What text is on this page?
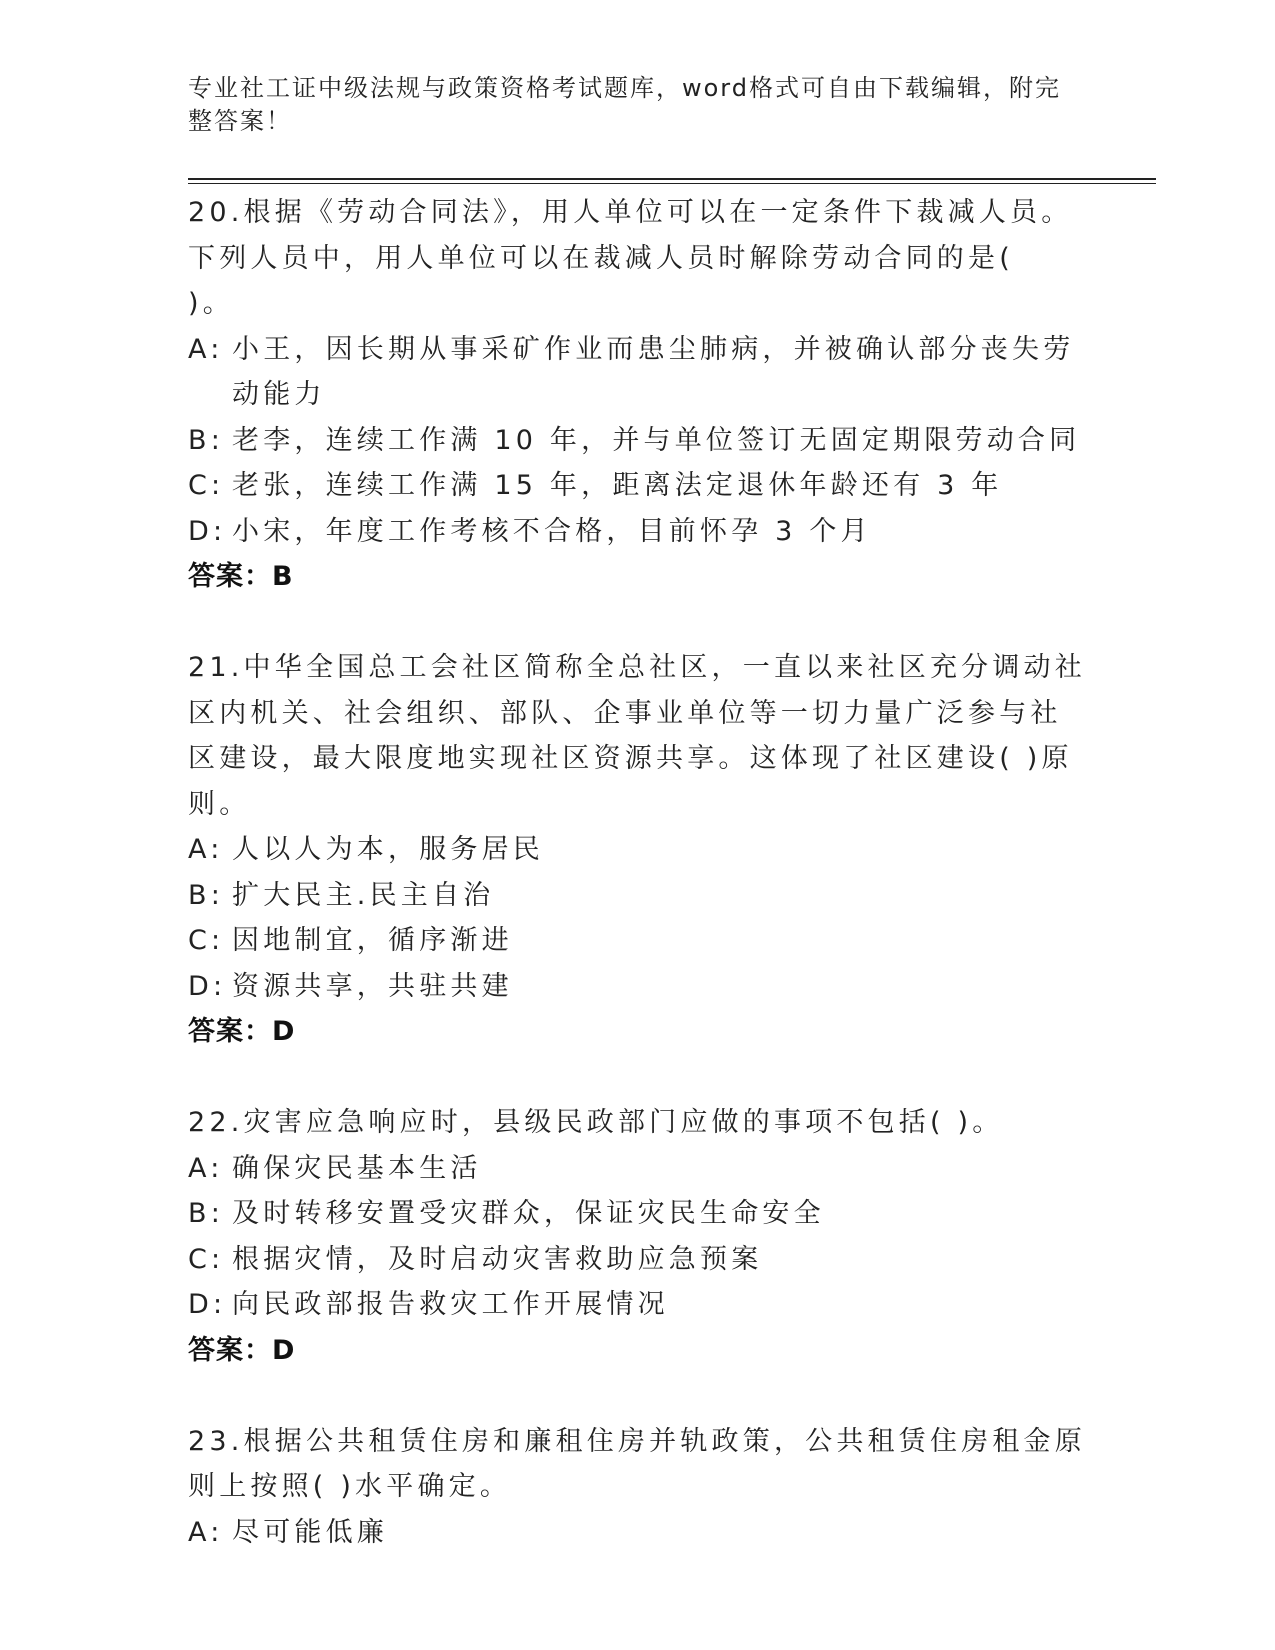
专业社工证中级法规与政策资格考试题库，word格式可自由下载编辑，附完整答案！
20.根据《劳动合同法》，用人单位可以在一定条件下裁减人员。下列人员中，用人单位可以在裁减人员时解除劳动合同的是(　 )。
A: 小王，因长期从事采矿作业而患尘肺病，并被确认部分丧失劳动能力
B: 老李，连续工作满 10 年，并与单位签订无固定期限劳动合同
C: 老张，连续工作满 15 年，距离法定退休年龄还有 3 年
D: 小宋，年度工作考核不合格，目前怀孕 3 个月
答案：B
21.中华全国总工会社区简称全总社区，一直以来社区充分调动社区内机关、社会组织、部队、企事业单位等一切力量广泛参与社区建设，最大限度地实现社区资源共享。这体现了社区建设( )原则。
A: 人以人为本，服务居民
B: 扩大民主.民主自治
C: 因地制宜，循序渐进
D: 资源共享，共驻共建
答案：D
22.灾害应急响应时，县级民政部门应做的事项不包括( )。
A: 确保灾民基本生活
B: 及时转移安置受灾群众，保证灾民生命安全
C: 根据灾情，及时启动灾害救助应急预案
D: 向民政部报告救灾工作开展情况
答案：D
23.根据公共租赁住房和廉租住房并轨政策，公共租赁住房租金原则上按照( )水平确定。
A: 尽可能低廉
